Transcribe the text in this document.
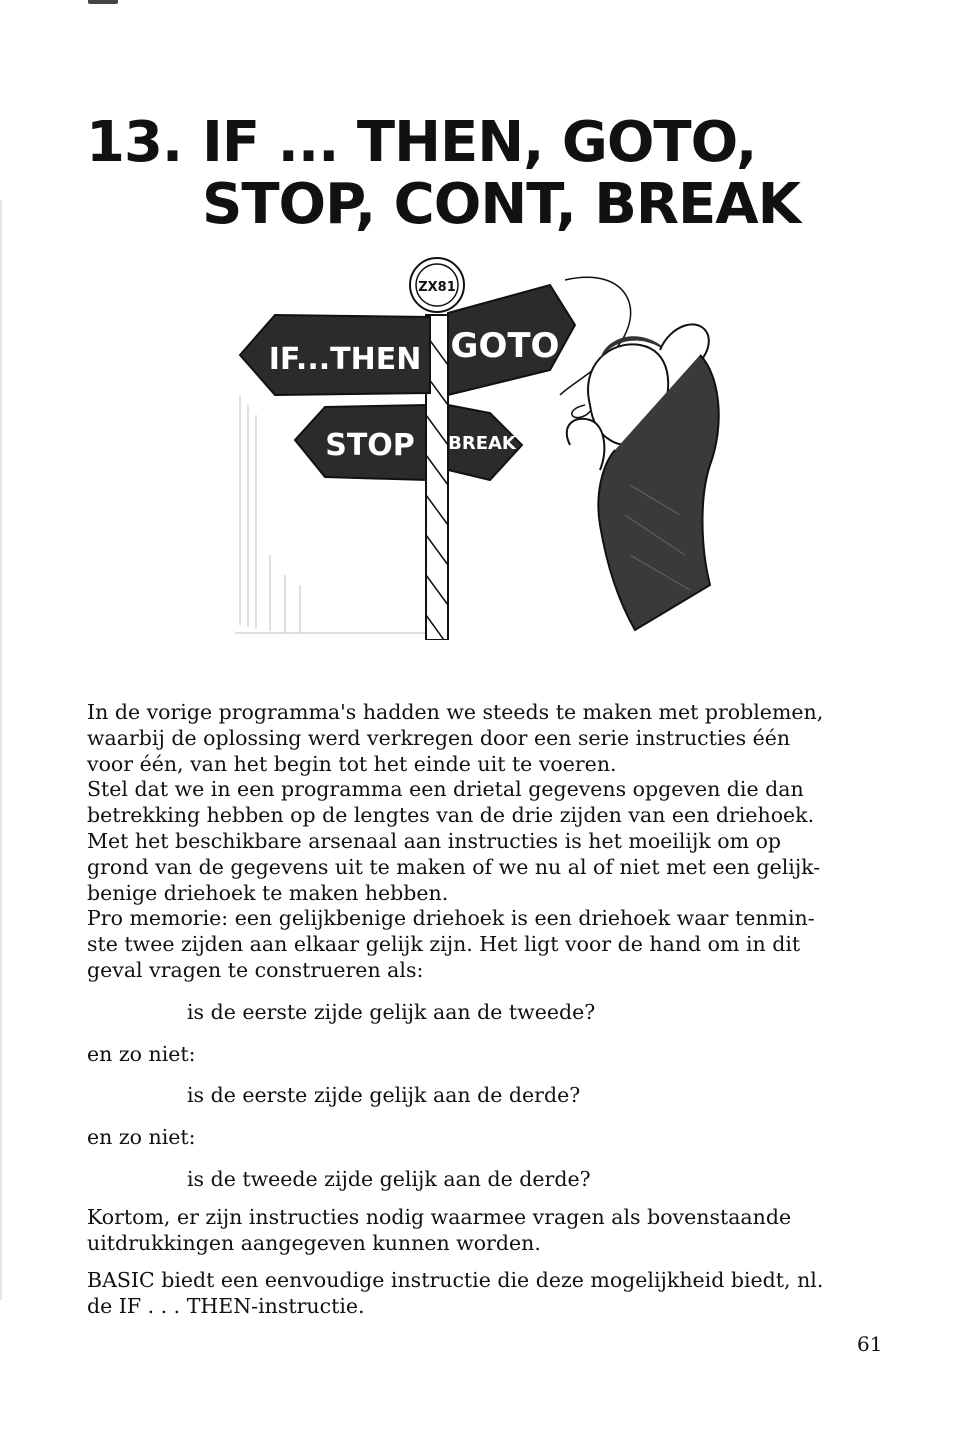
13. IF ... THEN, GOTO,
STOP, CONT, BREAK
ZX81
IF...THEN GOTO
STOP BREAK

In de vorige programma's hadden we steeds te maken met problemen,

waarbij de oplossing werd verkregen door een serie instructies één

voor één, van het begin tot het einde uit te voeren.

Stel dat we in een programma een drietal gegevens opgeven die dan

betrekking hebben op de lengtes van de drie zijden van een driehoek.

Met het beschikbare arsenaal aan instructies is het moeilijk om op

grond van de gegevens uit te maken of we nu al of niet met een gelijk-

benige driehoek te maken hebben.

Pro memorie: een gelijkbenige driehoek is een driehoek waar tenmin-

ste twee zijden aan elkaar gelijk zijn. Het ligt voor de hand om in dit

geval vragen te construeren als:

is de eerste zijde gelijk aan de tweede?

en zo niet:

is de eerste zijde gelijk aan de derde?

en zo niet:

is de tweede zijde gelijk aan de derde?

Kortom, er zijn instructies nodig waarmee vragen als bovenstaande

uitdrukkingen aangegeven kunnen worden.

BASIC biedt een eenvoudige instructie die deze mogelijkheid biedt, nl.

de IF . . . THEN-instructie.

61
